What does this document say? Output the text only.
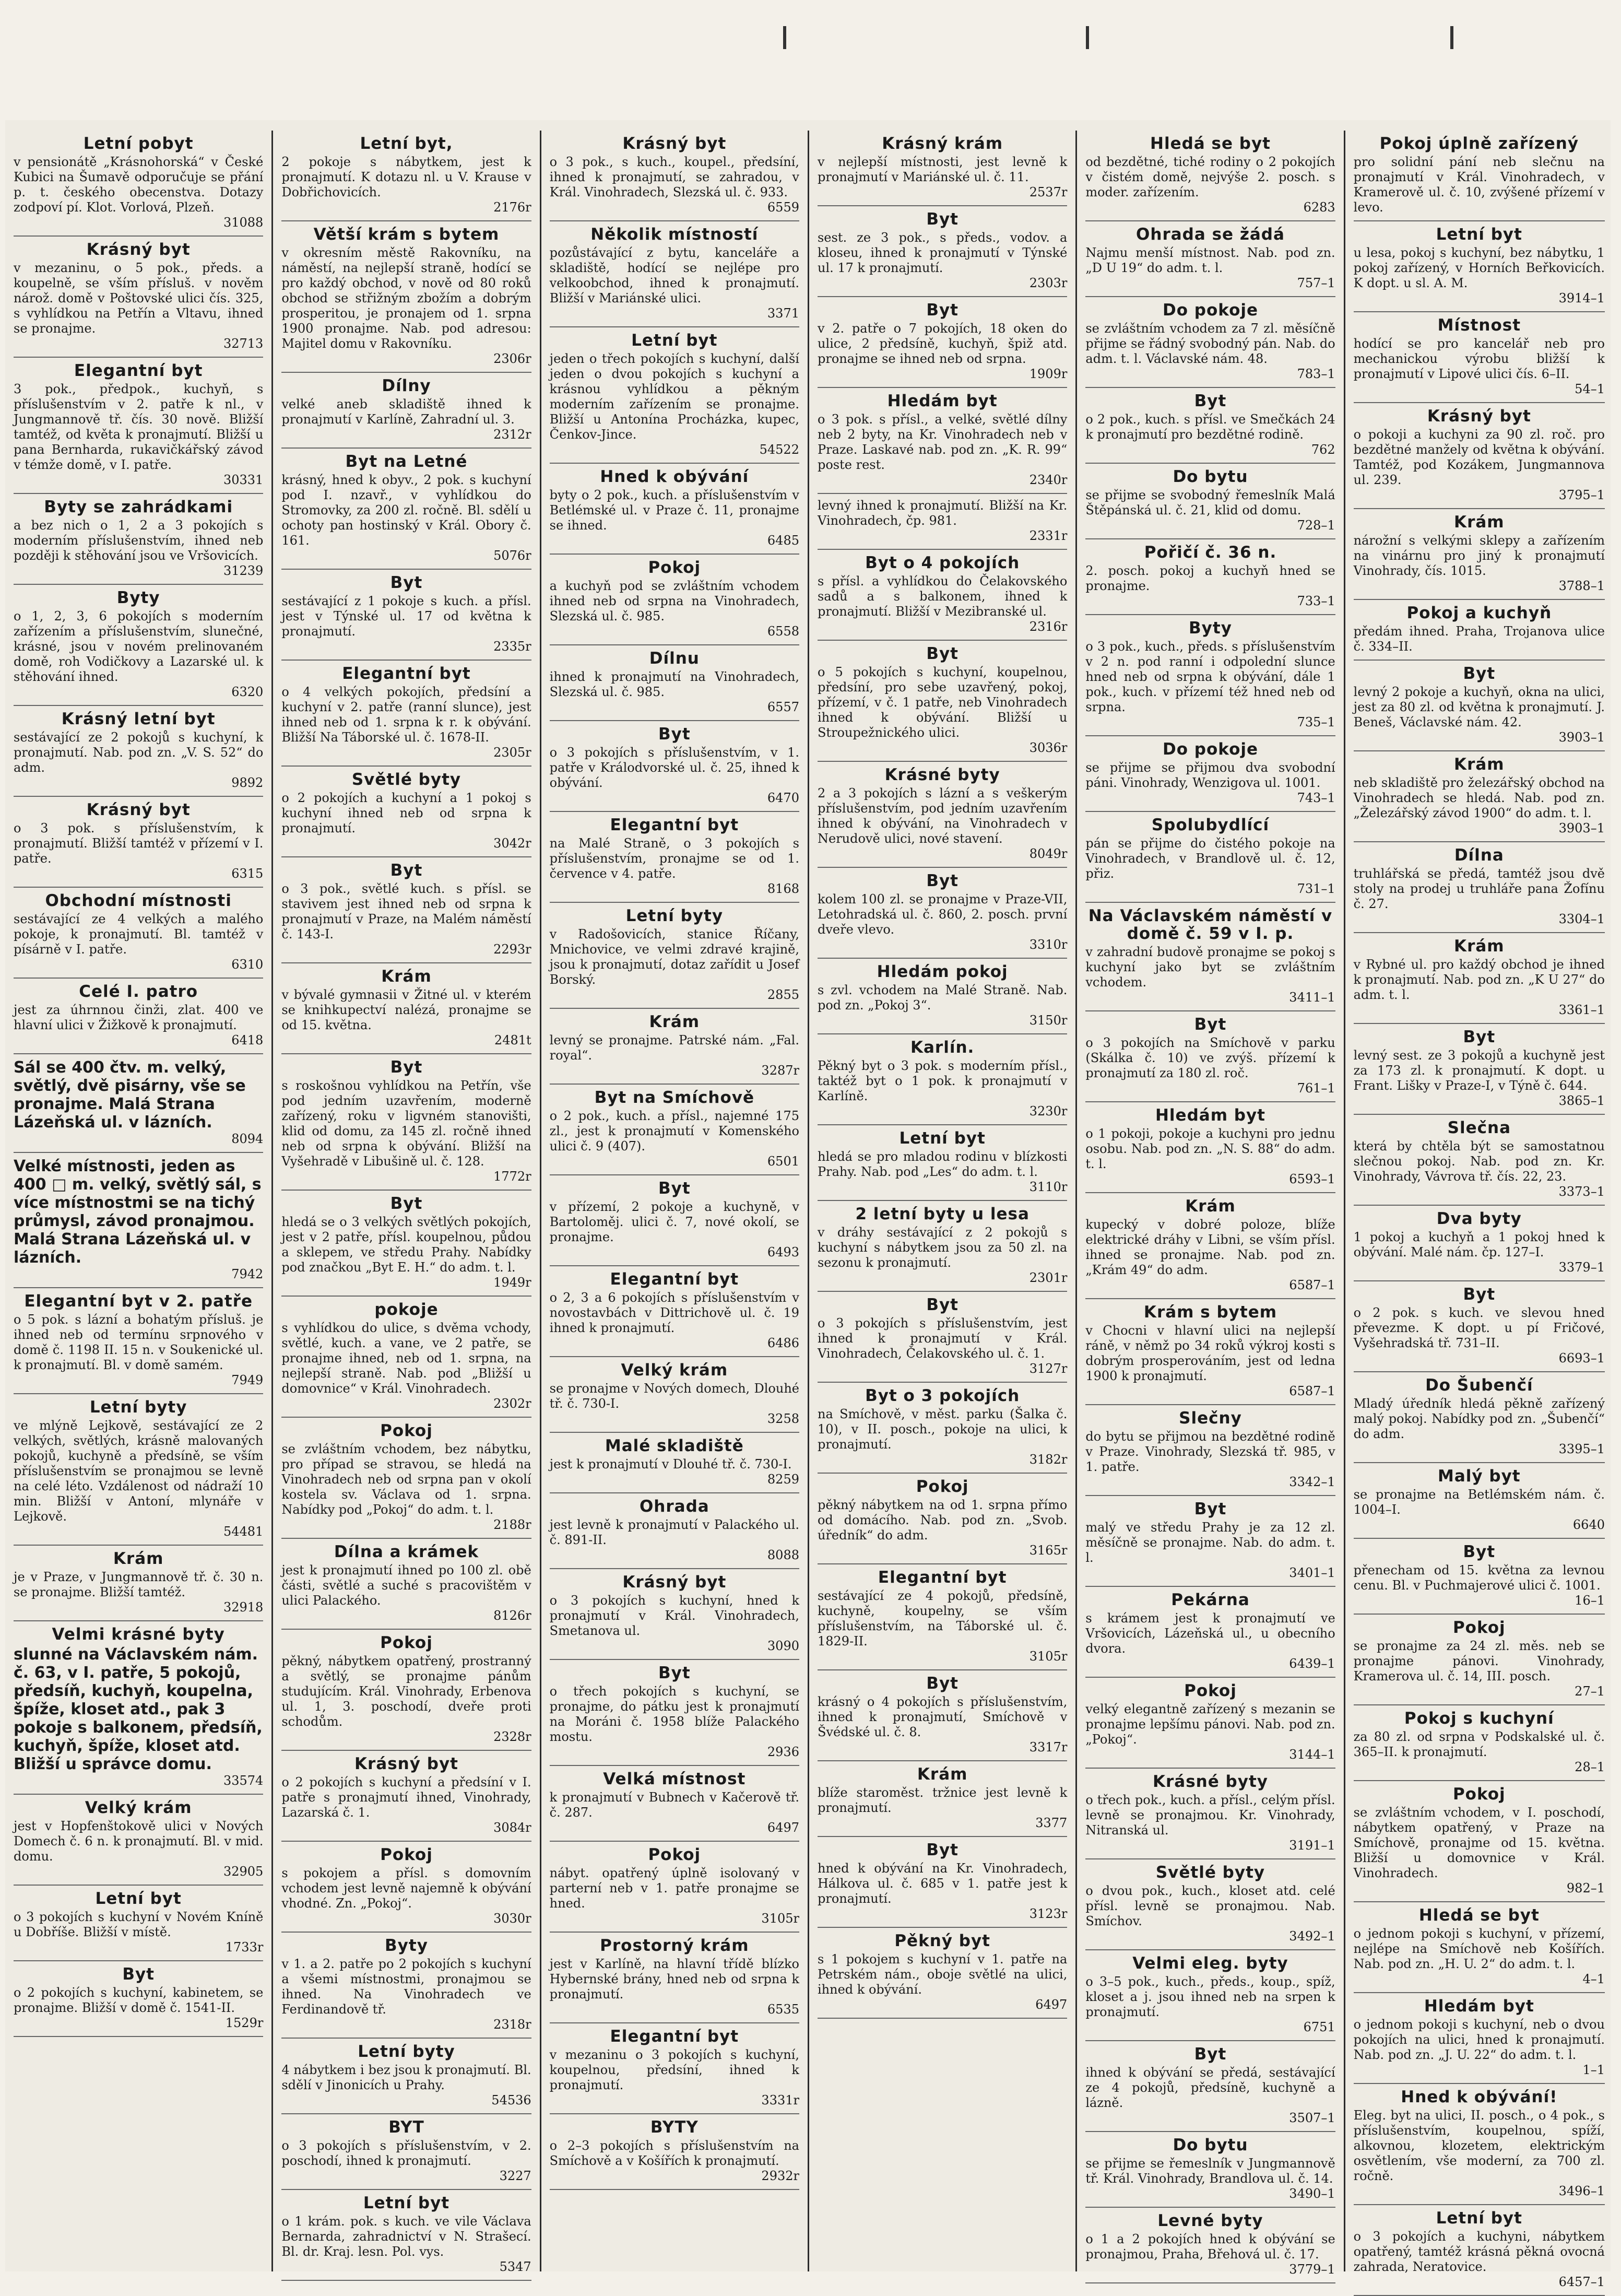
Letní pobyt

v pensionátě „Krásnohorská“ v České Kubici na Šumavě odporučuje se přání p. t. českého obecenstva. Dotazy zodpoví pí. Klot. Vorlová, Plzeň.

31088

Krásný byt

v mezaninu, o 5 pok., předs. a koupelně, se vším přísluš. v nověm nárož. domě v Poštovské ulici čís. 325, s vyhlídkou na Petřín a Vltavu, ihned se pronajme.

32713

Elegantní byt

3 pok., předpok., kuchyň, s příslušenstvím v 2. patře k nl., v Jungmannově tř. čís. 30 nově. Bližší tamtéž, od květa k pronajmutí. Bližší u pana Bernharda, rukavičkářský závod v témže domě, v I. patře.

30331

Byty se zahrádkami

a bez nich o 1, 2 a 3 pokojích s moderním příslušenstvím, ihned neb později k stěhování jsou ve Vršovicích.

31239

Byty

o 1, 2, 3, 6 pokojích s moderním zařízením a příslušenstvím, slunečné, krásné, jsou v novém prelinovaném domě, roh Vodičkovy a Lazarské ul. k stěhování ihned.

6320

Krásný letní byt

sestávající ze 2 pokojů s kuchyní, k pronajmutí. Nab. pod zn. „V. S. 52“ do adm.

9892

Krásný byt

o 3 pok. s příslušenstvím, k pronajmutí. Bližší tamtéž v přízemí v I. patře.

6315

Obchodní místnosti

sestávající ze 4 velkých a malého pokoje, k pronajmutí. Bl. tamtéž v písárně v I. patře.

6310

Celé I. patro

jest za úhrnnou činži, zlat. 400 ve hlavní ulici v Žižkově k pronajmutí.

6418

Sál se 400 čtv. m. velký, světlý, dvě pisárny, vše se pronajme. Malá Strana Lázeňská ul. v lázních.

8094

Velké místnosti, jeden as 400 □ m. velký, světlý sál, s více místnostmi se na tichý průmysl, závod pronajmou. Malá Strana Lázeňská ul. v lázních.

7942

Elegantní byt v 2. patře

o 5 pok. s lázní a bohatým přísluš. je ihned neb od termínu srpnového v domě č. 1198 II. 15 n. v Soukenické ul. k pronajmutí. Bl. v domě samém.

7949

Letní byty

ve mlýně Lejkově, sestávající ze 2 velkých, světlých, krásně malovaných pokojů, kuchyně a předsíně, se vším příslušenstvím se pronajmou se levně na celé léto. Vzdálenost od nádraží 10 min. Bližší v Antoní, mlynáře v Lejkově.

54481

Krám

je v Praze, v Jungmannově tř. č. 30 n. se pronajme. Bližší tamtéž.

32918

Velmi krásné byty

slunné na Václavském nám. č. 63, v I. patře, 5 pokojů, předsíň, kuchyň, koupelna, špíže, kloset atd., pak 3 pokoje s balkonem, předsíň, kuchyň, špíže, kloset atd. Bližší u správce domu.

33574

Velký krám

jest v Hopfenštokově ulici v Nových Domech č. 6 n. k pronajmutí. Bl. v mid. domu.

32905

Letní byt

o 3 pokojích s kuchyní v Novém Kníně u Dobříše. Bližší v místě.

1733r

Byt

o 2 pokojích s kuchyní, kabinetem, se pronajme. Bližší v domě č. 1541-II.

1529r

Letní byt,

2 pokoje s nábytkem, jest k pronajmutí. K dotazu nl. u V. Krause v Dobřichovicích.

2176r

Větší krám s bytem

v okresním městě Rakovníku, na náměstí, na nejlepší straně, hodící se pro každý obchod, v nově od 80 roků obchod se střižným zbožím a dobrým prosperitou, je pronajem od 1. srpna 1900 pronajme. Nab. pod adresou: Majitel domu v Rakovníku.

2306r

Dílny

velké aneb skladiště ihned k pronajmutí v Karlíně, Zahradní ul. 3.

2312r

Byt na Letné

krásný, hned k obyv., 2 pok. s kuchyní pod I. nzavř., v vyhlídkou do Stromovky, za 200 zl. ročně. Bl. sdělí u ochoty pan hostinský v Král. Obory č. 161.

5076r

Byt

sestávající z 1 pokoje s kuch. a přísl. jest v Týnské ul. 17 od května k pronajmutí.

2335r

Elegantní byt

o 4 velkých pokojích, předsíní a kuchyní v 2. patře (ranní slunce), jest ihned neb od 1. srpna k r. k obývání. Bližší Na Táborské ul. č. 1678-II.

2305r

Světlé byty

o 2 pokojích a kuchyní a 1 pokoj s kuchyní ihned neb od srpna k pronajmutí.

3042r

Byt

o 3 pok., světlé kuch. s přísl. se stavivem jest ihned neb od srpna k pronajmutí v Praze, na Malém náměstí č. 143-I.

2293r

Krám

v bývalé gymnasii v Žitné ul. v kterém se knihkupectví nalézá, pronajme se od 15. května.

2481t

Byt

s roskošnou vyhlídkou na Petřín, vše pod jedním uzavřením, moderně zařízený, roku v ligvném stanovišti, klid od domu, za 145 zl. ročně ihned neb od srpna k obývání. Bližší na Vyšehradě v Libušině ul. č. 128.

1772r

Byt

hledá se o 3 velkých světlých pokojích, jest v 2 patře, přísl. koupelnou, půdou a sklepem, ve středu Prahy. Nabídky pod značkou „Byt E. H.“ do adm. t. l.

1949r

pokoje

s vyhlídkou do ulice, s dvěma vchody, světlé, kuch. a vane, ve 2 patře, se pronajme ihned, neb od 1. srpna, na nejlepší straně. Nab. pod „Bližší u domovnice“ v Král. Vinohradech.

2302r

Pokoj

se zvláštním vchodem, bez nábytku, pro případ se stravou, se hledá na Vinohradech neb od srpna pan v okolí kostela sv. Václava od 1. srpna. Nabídky pod „Pokoj“ do adm. t. l.

2188r

Dílna a krámek

jest k pronajmutí ihned po 100 zl. obě části, světlé a suché s pracovištěm v ulici Palackého.

8126r

Pokoj

pěkný, nábytkem opatřený, prostranný a světlý, se pronajme pánům studujícím. Král. Vinohrady, Erbenova ul. 1, 3. poschodí, dveře proti schodům.

2328r

Krásný byt

o 2 pokojích s kuchyní a předsíní v I. patře s pronajmutí ihned, Vinohrady, Lazarská č. 1.

3084r

Pokoj

s pokojem a přísl. s domovním vchodem jest levně najemně k obývání vhodné. Zn. „Pokoj“.

3030r

Byty

v 1. a 2. patře po 2 pokojích s kuchyní a všemi místnostmi, pronajmou se ihned. Na Vinohradech ve Ferdinandově tř.

2318r

Letní byty

4 nábytkem i bez jsou k pronajmutí. Bl. sdělí v Jinonicích u Prahy.

54536

BYT

o 3 pokojích s příslušenstvím, v 2. poschodí, ihned k pronajmutí.

3227

Letní byt

o 1 krám. pok. s kuch. ve vile Václava Bernarda, zahradnictví v N. Strašecí. Bl. dr. Kraj. lesn. Pol. vys.

5347

Krásný byt

o 3 pok., s kuch., koupel., předsíní, ihned k pronajmutí, se zahradou, v Král. Vinohradech, Slezská ul. č. 933.

6559

Několik místností

pozůstávající z bytu, kanceláře a skladiště, hodící se nejlépe pro velkoobchod, ihned k pronajmutí. Bližší v Mariánské ulici.

3371

Letní byt

jeden o třech pokojích s kuchyní, další jeden o dvou pokojích s kuchyní a krásnou vyhlídkou a pěkným moderním zařízením se pronajme. Bližší u Antonína Procházka, kupec, Čenkov-Jince.

54522

Hned k obývání

byty o 2 pok., kuch. a příslušenstvím v Betlémské ul. v Praze č. 11, pronajme se ihned.

6485

Pokoj

a kuchyň pod se zvláštním vchodem ihned neb od srpna na Vinohradech, Slezská ul. č. 985.

6558

Dílnu

ihned k pronajmutí na Vinohradech, Slezská ul. č. 985.

6557

Byt

o 3 pokojích s příslušenstvím, v 1. patře v Králodvorské ul. č. 25, ihned k obývání.

6470

Elegantní byt

na Malé Straně, o 3 pokojích s příslušenstvím, pronajme se od 1. července v 4. patře.

8168

Letní byty

v Radošovicích, stanice Říčany, Mnichovice, ve velmi zdravé krajině, jsou k pronajmutí, dotaz zařídit u Josef Borský.

2855

Krám

levný se pronajme. Patrské nám. „Fal. royal“.

3287r

Byt na Smíchově

o 2 pok., kuch. a přísl., najemné 175 zl., jest k pronajmutí v Komenského ulici č. 9 (407).

6501

Byt

v přízemí, 2 pokoje a kuchyně, v Bartoloměj. ulici č. 7, nové okolí, se pronajme.

6493

Elegantní byt

o 2, 3 a 6 pokojích s příslušenstvím v novostavbách v Dittrichově ul. č. 19 ihned k pronajmutí.

6486

Velký krám

se pronajme v Nových domech, Dlouhé tř. č. 730-I.

3258

Malé skladiště

jest k pronajmutí v Dlouhé tř. č. 730-I.

8259

Ohrada

jest levně k pronajmutí v Palackého ul. č. 891-II.

8088

Krásný byt

o 3 pokojích s kuchyní, hned k pronajmutí v Král. Vinohradech, Smetanova ul.

3090

Byt

o třech pokojích s kuchyní, se pronajme, do pátku jest k pronajmutí na Moráni č. 1958 blíže Palackého mostu.

2936

Velká místnost

k pronajmutí v Bubnech v Kačerově tř. č. 287.

6497

Pokoj

nábyt. opatřený úplně isolovaný v parterní neb v 1. patře pronajme se hned.

3105r

Prostorný krám

jest v Karlíně, na hlavní třídě blízko Hybernské brány, hned neb od srpna k pronajmutí.

6535

Elegantní byt

v mezaninu o 3 pokojích s kuchyní, koupelnou, předsíní, ihned k pronajmutí.

3331r

BYTY

o 2–3 pokojích s příslušenstvím na Smíchově a v Košířích k pronajmutí.

2932r

Krásný krám

v nejlepší místnosti, jest levně k pronajmutí v Mariánské ul. č. 11.

2537r

Byt

sest. ze 3 pok., s předs., vodov. a kloseu, ihned k pronajmutí v Týnské ul. 17 k pronajmutí.

2303r

Byt

v 2. patře o 7 pokojích, 18 oken do ulice, 2 předsíně, kuchyň, špiž atd. pronajme se ihned neb od srpna.

1909r

Hledám byt

o 3 pok. s přísl., a velké, světlé dílny neb 2 byty, na Kr. Vinohradech neb v Praze. Laskavé nab. pod zn. „K. R. 99“ poste rest.

2340r

levný ihned k pronajmutí. Bližší na Kr. Vinohradech, čp. 981.

2331r

Byt o 4 pokojích

s přísl. a vyhlídkou do Čelakovského sadů a s balkonem, ihned k pronajmutí. Bližší v Mezibranské ul.

2316r

Byt

o 5 pokojích s kuchyní, koupelnou, předsíní, pro sebe uzavřený, pokoj, přízemí, v č. 1 patře, neb Vinohradech ihned k obývání. Bližší u Stroupežnického ulici.

3036r

Krásné byty

2 a 3 pokojích s lázní a s veškerým příslušenstvím, pod jedním uzavřením ihned k obývání, na Vinohradech v Nerudově ulici, nové stavení.

8049r

Byt

kolem 100 zl. se pronajme v Praze-VII, Letohradská ul. č. 860, 2. posch. první dveře vlevo.

3310r

Hledám pokoj

s zvl. vchodem na Malé Straně. Nab. pod zn. „Pokoj 3“.

3150r

Karlín.

Pěkný byt o 3 pok. s moderním přísl., taktéž byt o 1 pok. k pronajmutí v Karlíně.

3230r

Letní byt

hledá se pro mladou rodinu v blízkosti Prahy. Nab. pod „Les“ do adm. t. l.

3110r

2 letní byty u lesa

v dráhy sestávající z 2 pokojů s kuchyní s nábytkem jsou za 50 zl. na sezonu k pronajmutí.

2301r

Byt

o 3 pokojích s příslušenstvím, jest ihned k pronajmutí v Král. Vinohradech, Čelakovského ul. č. 1.

3127r

Byt o 3 pokojích

na Smíchově, v měst. parku (Šalka č. 10), v II. posch., pokoje na ulici, k pronajmutí.

3182r

Pokoj

pěkný nábytkem na od 1. srpna přímo od domácího. Nab. pod zn. „Svob. úředník“ do adm.

3165r

Elegantní byt

sestávající ze 4 pokojů, předsíně, kuchyně, koupelny, se vším příslušenstvím, na Táborské ul. č. 1829-II.

3105r

Byt

krásný o 4 pokojích s příslušenstvím, ihned k pronajmutí, Smíchově v Švédské ul. č. 8.

3317r

Krám

blíže staroměst. tržnice jest levně k pronajmutí.

3377

Byt

hned k obývání na Kr. Vinohradech, Hálkova ul. č. 685 v 1. patře jest k pronajmutí.

3123r

Pěkný byt

s 1 pokojem s kuchyní v 1. patře na Petrském nám., oboje světlé na ulici, ihned k obývání.

6497

Hledá se byt

od bezdětné, tiché rodiny o 2 pokojích v čistém domě, nejvýše 2. posch. s moder. zařízením.

6283

Ohrada se žádá

Najmu menší místnost. Nab. pod zn. „D U 19“ do adm. t. l.

757–1

Do pokoje

se zvláštním vchodem za 7 zl. měsíčně přijme se řádný svobodný pán. Nab. do adm. t. l. Václavské nám. 48.

783–1

Byt

o 2 pok., kuch. s přísl. ve Smečkách 24 k pronajmutí pro bezdětné rodině.

762

Do bytu

se přijme se svobodný řemeslník Malá Štěpánská ul. č. 21, klid od domu.

728–1

Pořičí č. 36 n.

2. posch. pokoj a kuchyň hned se pronajme.

733–1

Byty

o 3 pok., kuch., předs. s příslušenstvím v 2 n. pod ranní i odpolední slunce hned neb od srpna k obývání, dále 1 pok., kuch. v přízemí též hned neb od srpna.

735–1

Do pokoje

se přijme se přijmou dva svobodní páni. Vinohrady, Wenzigova ul. 1001.

743–1

Spolubydlící

pán se přijme do čistého pokoje na Vinohradech, v Brandlově ul. č. 12, přiz.

731–1

Na Václavském náměstí v domě č. 59 v I. p.

v zahradní budově pronajme se pokoj s kuchyní jako byt se zvláštním vchodem.

3411–1

Byt

o 3 pokojích na Smíchově v parku (Skálka č. 10) ve zvýš. přízemí k pronajmutí za 180 zl. roč.

761–1

Hledám byt

o 1 pokoji, pokoje a kuchyni pro jednu osobu. Nab. pod zn. „N. S. 88“ do adm. t. l.

6593–1

Krám

kupecký v dobré poloze, blíže elektrické dráhy v Libni, se vším přísl. ihned se pronajme. Nab. pod zn. „Krám 49“ do adm.

6587–1

Krám s bytem

v Chocni v hlavní ulici na nejlepší ráně, v němž po 34 roků výkroj kosti s dobrým prosperováním, jest od ledna 1900 k pronajmutí.

6587–1

Slečny

do bytu se přijmou na bezdětné rodině v Praze. Vinohrady, Slezská tř. 985, v 1. patře.

3342–1

Byt

malý ve středu Prahy je za 12 zl. měsíčně se pronajme. Nab. do adm. t. l.

3401–1

Pekárna

s krámem jest k pronajmutí ve Vršovicích, Lázeňská ul., u obecního dvora.

6439–1

Pokoj

velký elegantně zařízený s mezanin se pronajme lepšímu pánovi. Nab. pod zn. „Pokoj“.

3144–1

Krásné byty

o třech pok., kuch. a přísl., celým přísl. levně se pronajmou. Kr. Vinohrady, Nitranská ul.

3191–1

Světlé byty

o dvou pok., kuch., kloset atd. celé přísl. levně se pronajmou. Nab. Smíchov.

3492–1

Velmi eleg. byty

o 3–5 pok., kuch., předs., koup., spíž, kloset a j. jsou ihned neb na srpen k pronajmutí.

6751

Byt

ihned k obývání se předá, sestávající ze 4 pokojů, předsíně, kuchyně a lázně.

3507–1

Do bytu

se přijme se řemeslník v Jungmannově tř. Král. Vinohrady, Brandlova ul. č. 14.

3490–1

Levné byty

o 1 a 2 pokojích hned k obývání se pronajmou, Praha, Břehová ul. č. 17.

3779–1

Pokoj úplně zařízený

pro solidní pání neb slečnu na pronajmutí v Král. Vinohradech, v Kramerově ul. č. 10, zvýšené přízemí v levo.

Letní byt

u lesa, pokoj s kuchyní, bez nábytku, 1 pokoj zařízený, v Horních Beřkovicích. K dopt. u sl. A. M.

3914–1

Místnost

hodící se pro kancelář neb pro mechanickou výrobu bližší k pronajmutí v Lipové ulici čís. 6–II.

54–1

Krásný byt

o pokoji a kuchyni za 90 zl. roč. pro bezdětné manžely od května k obývání. Tamtéž, pod Kozákem, Jungmannova ul. 239.

3795–1

Krám

nárožní s velkými sklepy a zařízením na vinárnu pro jiný k pronajmutí Vinohrady, čís. 1015.

3788–1

Pokoj a kuchyň

předám ihned. Praha, Trojanova ulice č. 334–II.

Byt

levný 2 pokoje a kuchyň, okna na ulici, jest za 80 zl. od května k pronajmutí. J. Beneš, Václavské nám. 42.

3903–1

Krám

neb skladiště pro železářský obchod na Vinohradech se hledá. Nab. pod zn. „Železářský závod 1900“ do adm. t. l.

3903–1

Dílna

truhlářská se předá, tamtéž jsou dvě stoly na prodej u truhláře pana Žofínu č. 27.

3304–1

Krám

v Rybné ul. pro každý obchod je ihned k pronajmutí. Nab. pod zn. „K U 27“ do adm. t. l.

3361–1

Byt

levný sest. ze 3 pokojů a kuchyně jest za 173 zl. k pronajmutí. K dopt. u Frant. Lišky v Praze-I, v Týně č. 644.

3865–1

Slečna

která by chtěla být se samostatnou slečnou pokoj. Nab. pod zn. Kr. Vinohrady, Vávrova tř. čís. 22, 23.

3373–1

Dva byty

1 pokoj a kuchyň a 1 pokoj hned k obývání. Malé nám. čp. 127–I.

3379–1

Byt

o 2 pok. s kuch. ve slevou hned převezme. K dopt. u pí Fričové, Vyšehradská tř. 731–II.

6693–1

Do Šubenčí

Mladý úředník hledá pěkně zařízený malý pokoj. Nabídky pod zn. „Šubenčí“ do adm.

3395–1

Malý byt

se pronajme na Betlémském nám. č. 1004–I.

6640

Byt

přenecham od 15. května za levnou cenu. Bl. v Puchmajerové ulici č. 1001.

16–1

Pokoj

se pronajme za 24 zl. měs. neb se pronajme pánovi. Vinohrady, Kramerova ul. č. 14, III. posch.

27–1

Pokoj s kuchyní

za 80 zl. od srpna v Podskalské ul. č. 365–II. k pronajmutí.

28–1

Pokoj

se zvláštním vchodem, v I. poschodí, nábytkem opatřený, v Praze na Smíchově, pronajme od 15. května. Bližší u domovnice v Král. Vinohradech.

982–1

Hledá se byt

o jednom pokoji s kuchyní, v přízemí, nejlépe na Smíchově neb Košířích. Nab. pod zn. „H. U. 2“ do adm. t. l.

4–1

Hledám byt

o jednom pokoji s kuchyní, neb o dvou pokojích na ulici, hned k pronajmutí. Nab. pod zn. „J. U. 22“ do adm. t. l.

1–1

Hned k obývání!

Eleg. byt na ulici, II. posch., o 4 pok., s příslušenstvím, koupelnou, spíží, alkovnou, klozetem, elektrickým osvětlením, vše moderní, za 700 zl. ročně.

3496–1

Letní byt

o 3 pokojích a kuchyni, nábytkem opatřený, tamtéž krásná pěkná ovocná zahrada, Neratovice.

6457–1
